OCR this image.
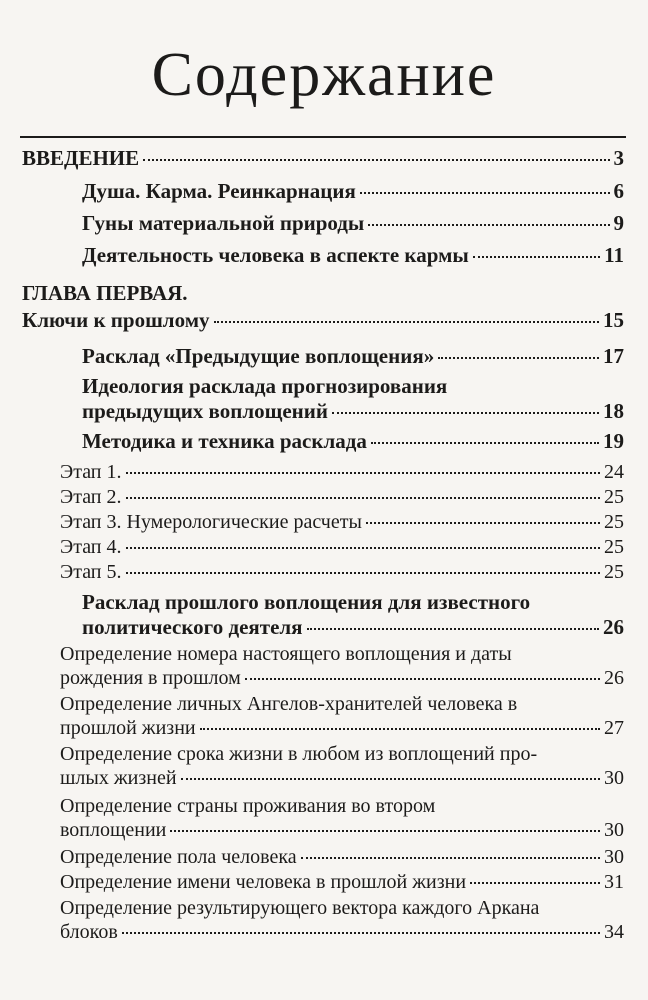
Содержание
ВВЕДЕНИЕ	3
Душа. Карма. Реинкарнация	6
Гуны материальной природы	9
Деятельность человека в аспекте кармы	11
ГЛАВА ПЕРВАЯ.
Ключи к прошлому	15
Расклад «Предыдущие воплощения»	17
Идеология расклада прогнозирования
предыдущих воплощений	18
Методика и техника расклада	19
Этап 1.	24
Этап 2.	25
Этап 3. Нумерологические расчеты	25
Этап 4.	25
Этап 5.	25
Расклад прошлого воплощения для известного
политического деятеля	26
Определение номера настоящего воплощения и даты
рождения в прошлом	26
Определение личных Ангелов-хранителей человека в
прошлой жизни	27
Определение срока жизни в любом из воплощений про-
шлых жизней	30
Определение страны проживания во втором
воплощении	30
Определение пола человека	30
Определение имени человека в прошлой жизни	31
Определение результирующего вектора каждого Аркана
блоков	34
